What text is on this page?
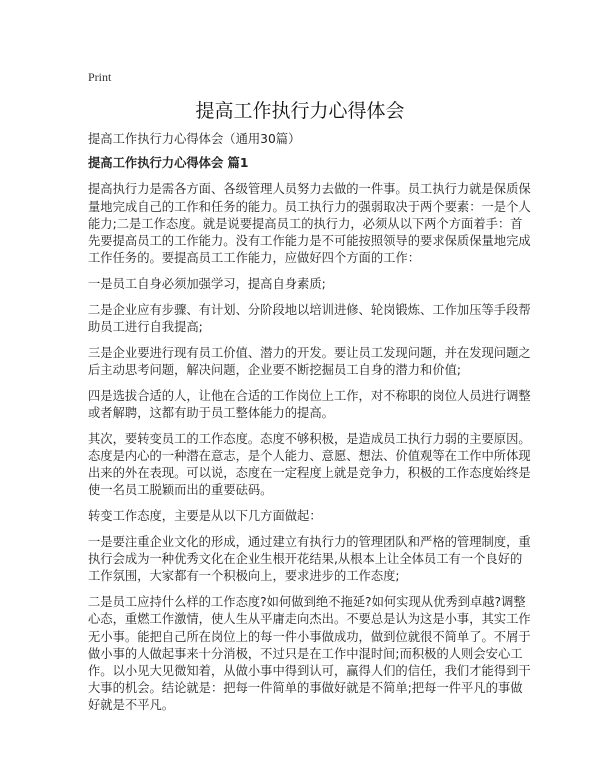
Print
提高工作执行力心得体会
提高工作执行力心得体会（通用30篇）
提高工作执行力心得体会 篇1
提高执行力是需各方面、各级管理人员努力去做的一件事。员工执行力就是保质保
量地完成自己的工作和任务的能力。员工执行力的强弱取决于两个要素：一是个人
能力;二是工作态度。就是说要提高员工的执行力，必须从以下两个方面着手：首
先要提高员工的工作能力。没有工作能力是不可能按照领导的要求保质保量地完成
工作任务的。要提高员工工作能力，应做好四个方面的工作：
一是员工自身必须加强学习，提高自身素质;
二是企业应有步骤、有计划、分阶段地以培训进修、轮岗锻炼、工作加压等手段帮
助员工进行自我提高;
三是企业要进行现有员工价值、潜力的开发。要让员工发现问题，并在发现问题之
后主动思考问题，解决问题，企业要不断挖掘员工自身的潜力和价值;
四是选拔合适的人，让他在合适的工作岗位上工作，对不称职的岗位人员进行调整
或者解聘，这都有助于员工整体能力的提高。
其次，要转变员工的工作态度。态度不够积极，是造成员工执行力弱的主要原因。
态度是内心的一种潜在意志，是个人能力、意愿、想法、价值观等在工作中所体现
出来的外在表现。可以说，态度在一定程度上就是竞争力，积极的工作态度始终是
使一名员工脱颖而出的重要砝码。
转变工作态度，主要是从以下几方面做起：
一是要注重企业文化的形成，通过建立有执行力的管理团队和严格的管理制度，重
执行会成为一种优秀文化在企业生根开花结果,从根本上让全体员工有一个良好的
工作氛围，大家都有一个积极向上，要求进步的工作态度;
二是员工应持什么样的工作态度?如何做到绝不拖延?如何实现从优秀到卓越?调整
心态，重燃工作激情，使人生从平庸走向杰出。不要总是认为这是小事，其实工作
无小事。能把自己所在岗位上的每一件小事做成功，做到位就很不简单了。不屑于
做小事的人做起事来十分消极，不过只是在工作中混时间;而积极的人则会安心工
作。以小见大见微知着，从做小事中得到认可，赢得人们的信任，我们才能得到干
大事的机会。结论就是：把每一件简单的事做好就是不简单;把每一件平凡的事做
好就是不平凡。
